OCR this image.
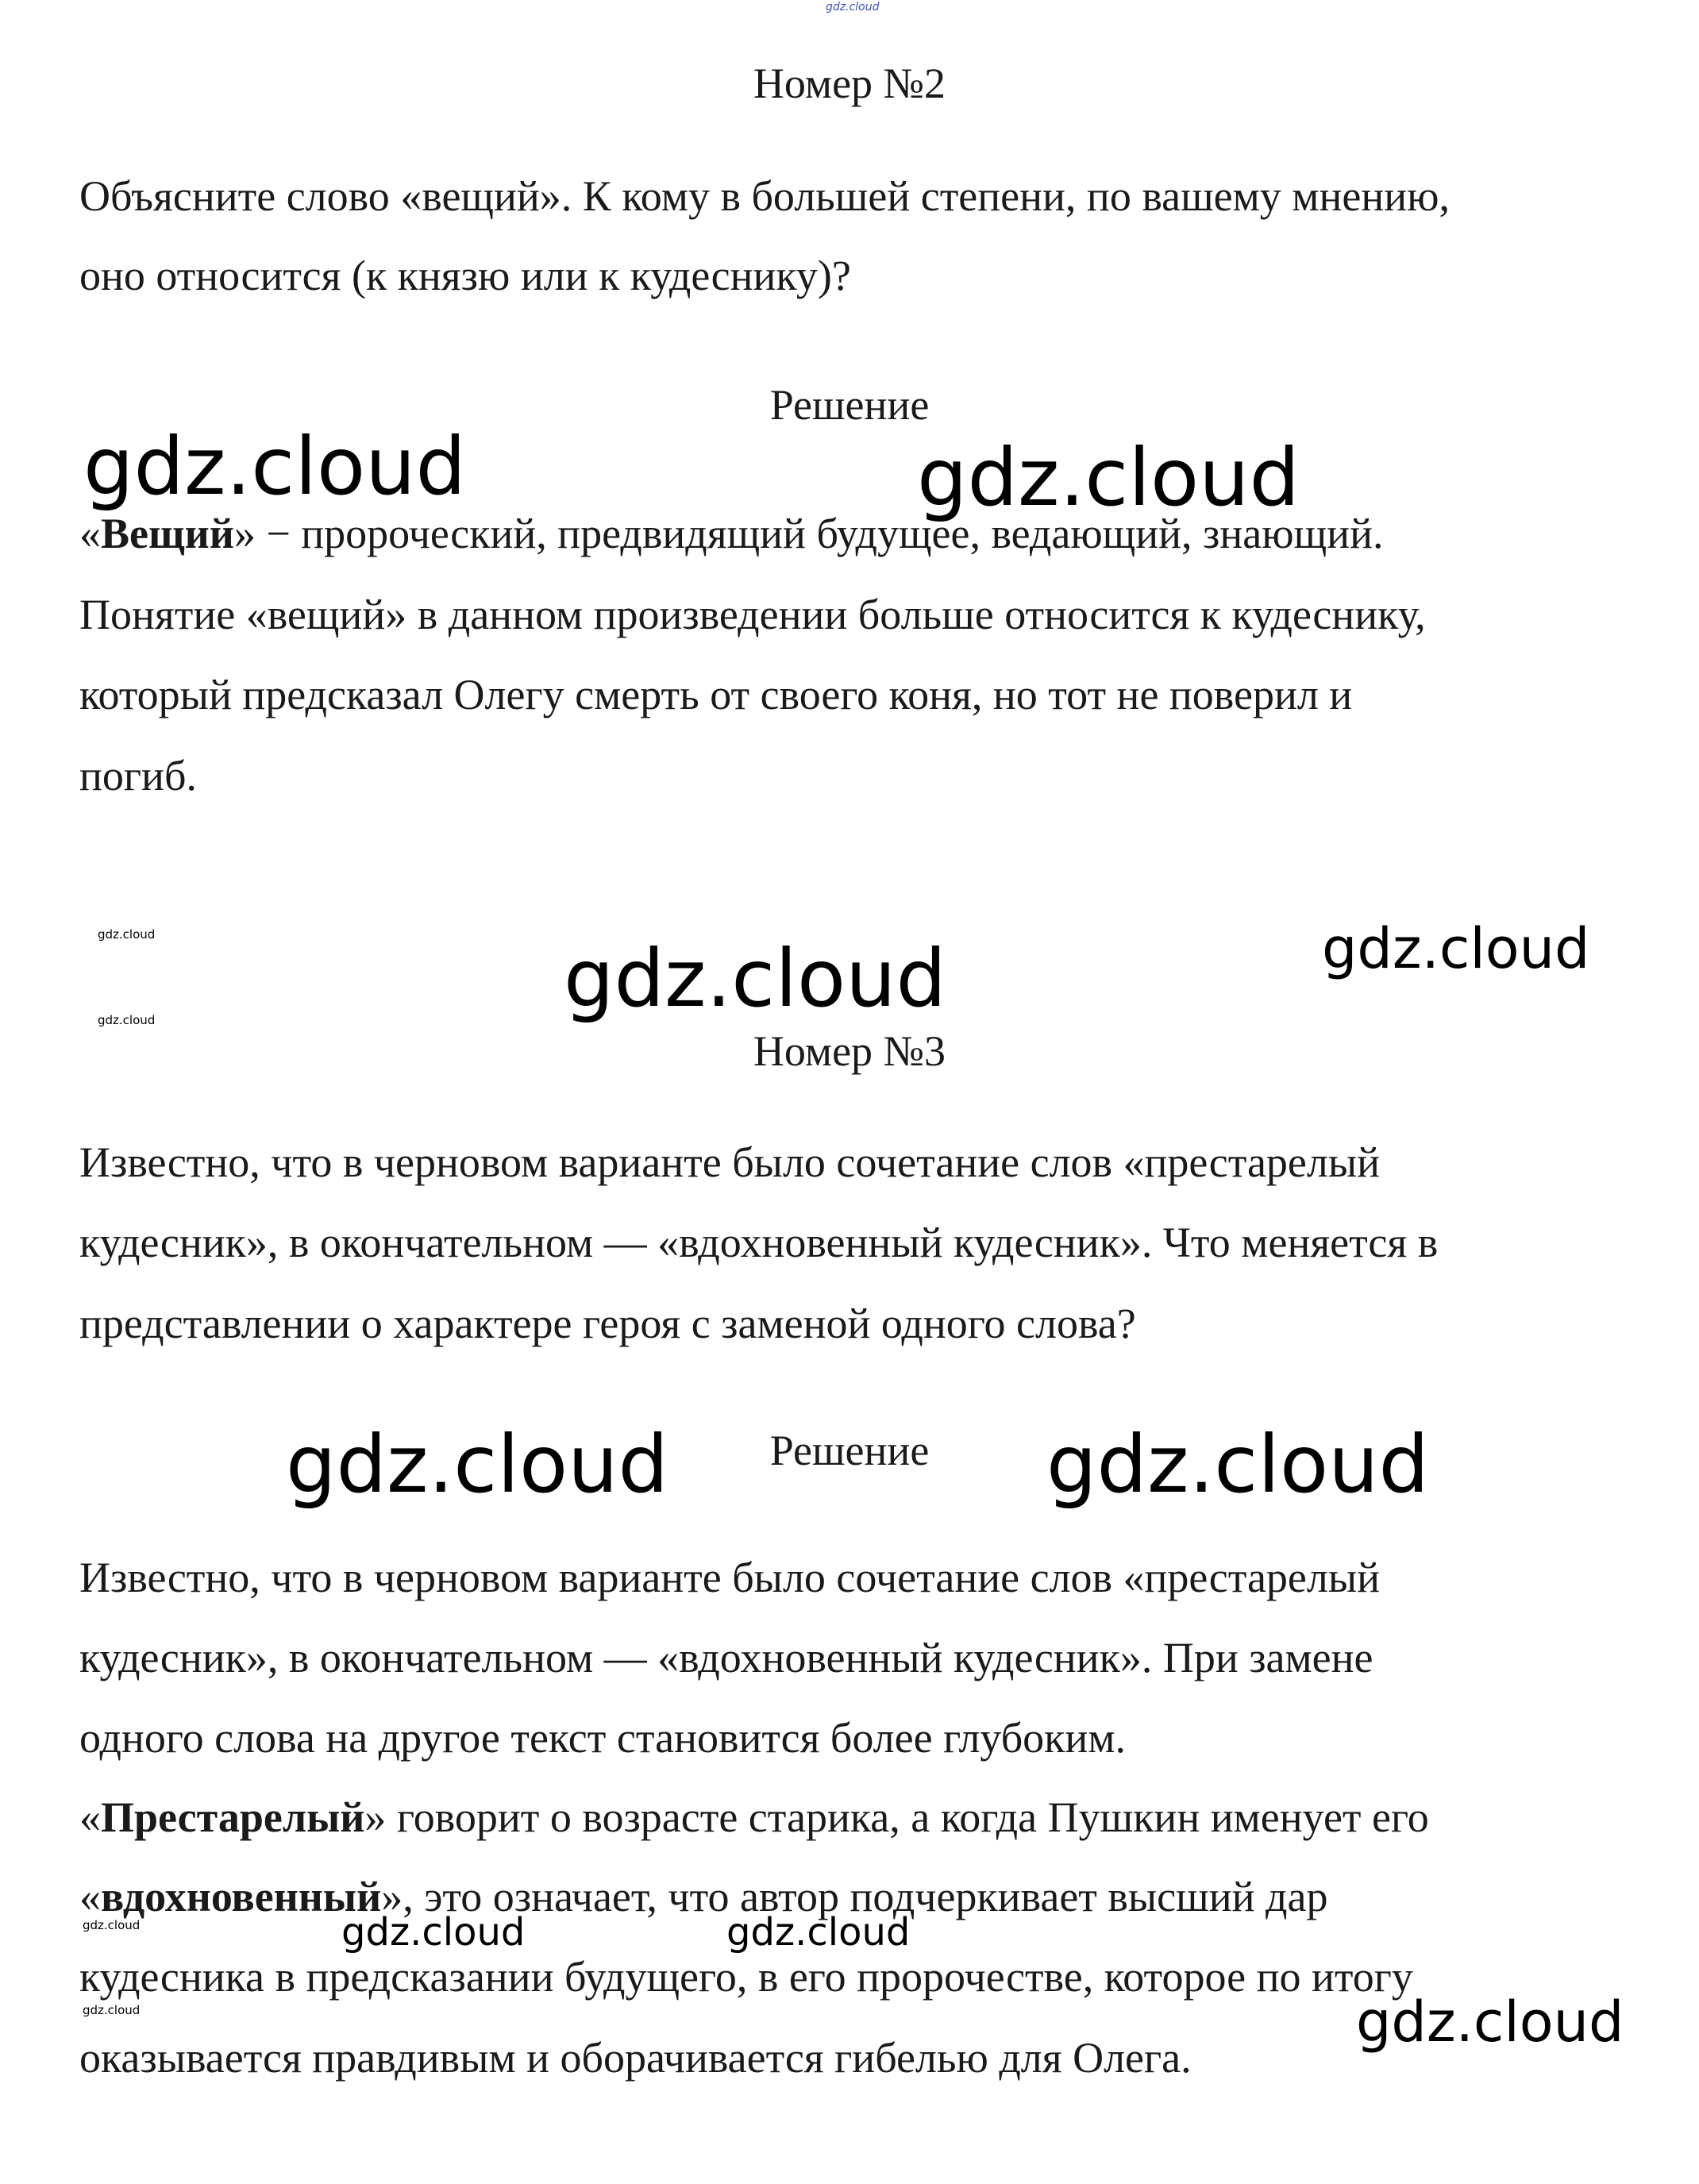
gdz.cloud
Номер №2
Объясните слово «вещий». К кому в большей степени, по вашему мнению,
оно относится (к князю или к кудеснику)?
Решение
gdz.cloud	gdz.cloud
«Вещий» − пророческий, предвидящий будущее, ведающий, знающий.
Понятие «вещий» в данном произведении больше относится к кудеснику,
который предсказал Олегу смерть от своего коня, но тот не поверил и
погиб.
gdz.cloud
gdz.cloud
gdz.cloud
gdz.cloud
Номер №3
Известно, что в черновом варианте было сочетание слов «престарелый
кудесник», в окончательном — «вдохновенный кудесник». Что меняется в
представлении о характере героя с заменой одного слова?
Решение
gdz.cloud	gdz.cloud
Известно, что в черновом варианте было сочетание слов «престарелый
кудесник», в окончательном — «вдохновенный кудесник». При замене
одного слова на другое текст становится более глубоким.
«Престарелый» говорит о возрасте старика, а когда Пушкин именует его
«вдохновенный», это означает, что автор подчеркивает высший дар
gdz.cloud	gdz.cloud	gdz.cloud
кудесника в предсказании будущего, в его пророчестве, которое по итогу
gdz.cloud	gdz.cloud
оказывается правдивым и оборачивается гибелью для Олега.
